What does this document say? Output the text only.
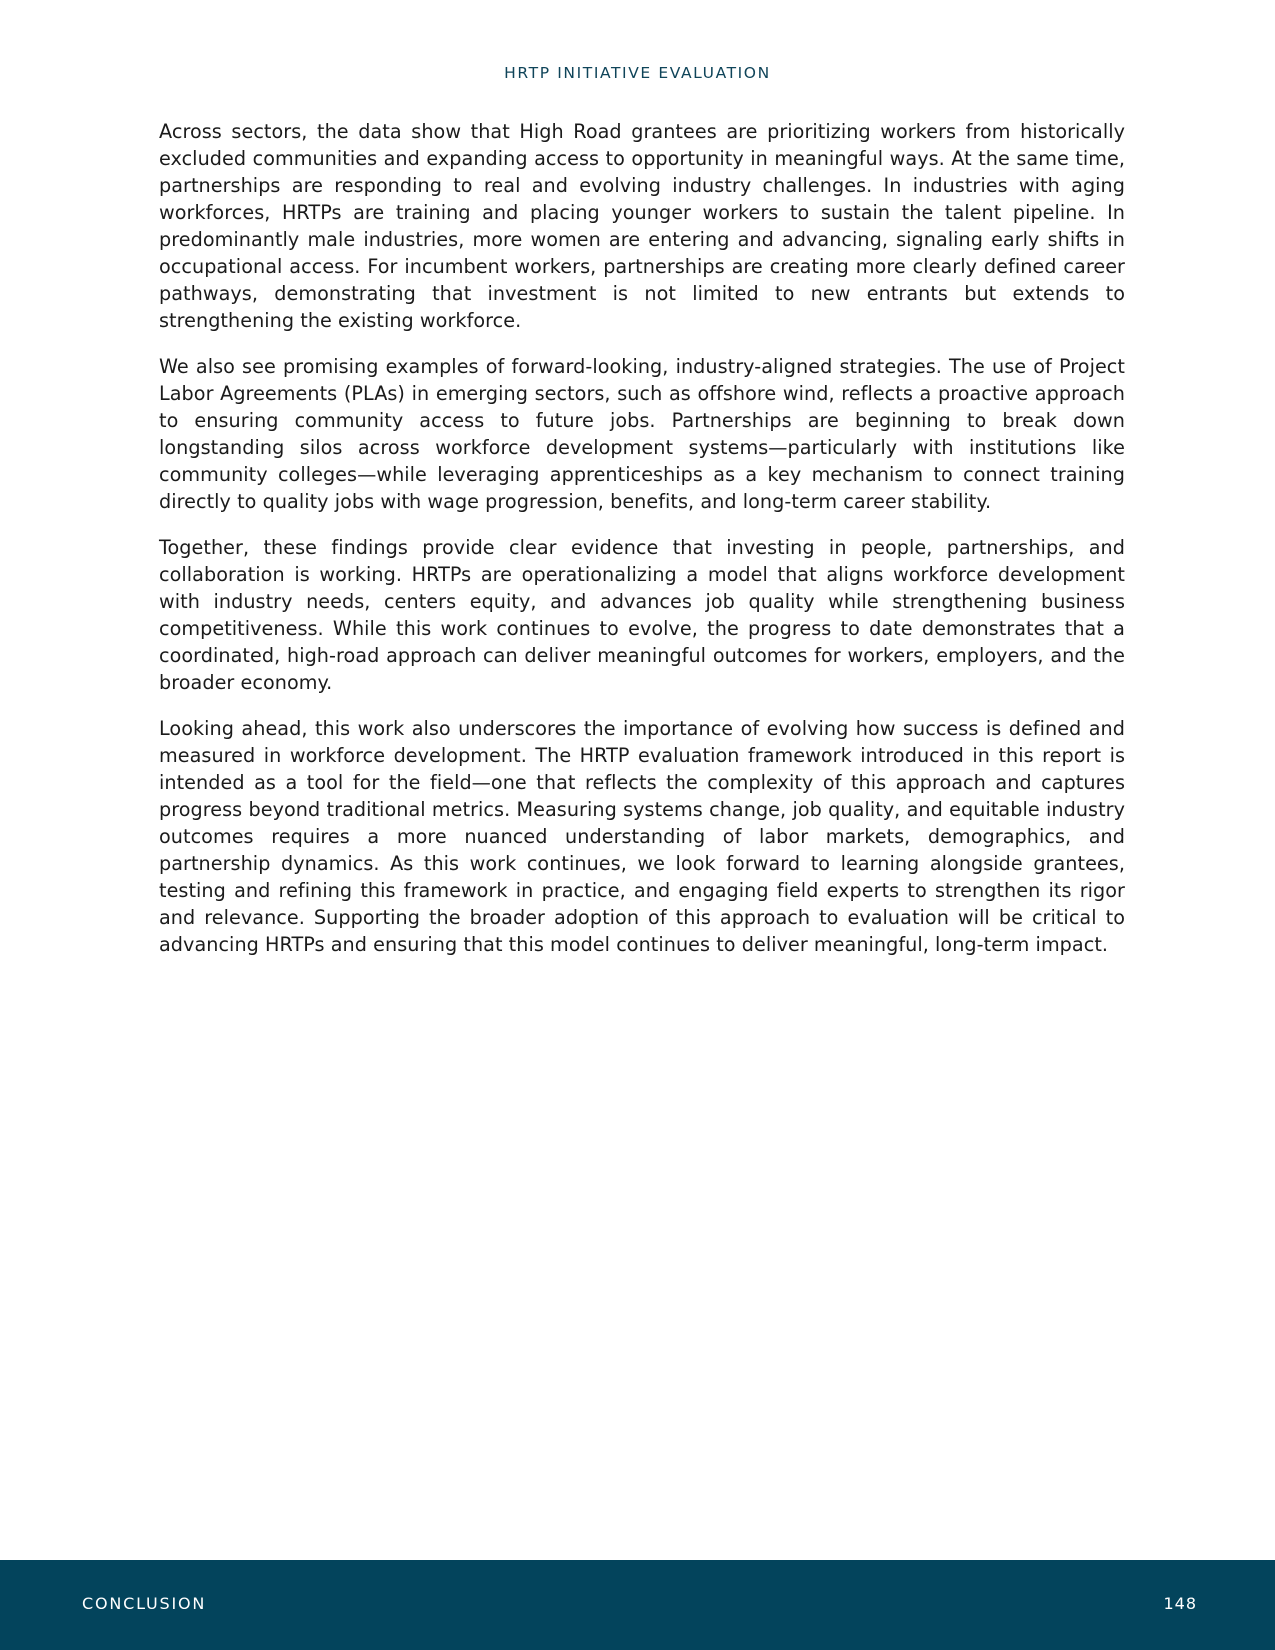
HRTP INITIATIVE EVALUATION

Across sectors, the data show that High Road grantees are prioritizing workers from historically excluded communities and expanding access to opportunity in meaningful ways. At the same time, partnerships are responding to real and evolving industry challenges. In industries with aging workforces, HRTPs are training and placing younger workers to sustain the talent pipeline. In predominantly male industries, more women are entering and advancing, signaling early shifts in occupational access. For incumbent workers, partnerships are creating more clearly defined career pathways, demonstrating that investment is not limited to new entrants but extends to strengthening the existing workforce.

We also see promising examples of forward-looking, industry-aligned strategies. The use of Project Labor Agreements (PLAs) in emerging sectors, such as offshore wind, reflects a proactive approach to ensuring community access to future jobs. Partnerships are beginning to break down longstanding silos across workforce development systems—particularly with institutions like community colleges—while leveraging apprenticeships as a key mechanism to connect training directly to quality jobs with wage progression, benefits, and long-term career stability.

Together, these findings provide clear evidence that investing in people, partnerships, and collaboration is working. HRTPs are operationalizing a model that aligns workforce development with industry needs, centers equity, and advances job quality while strengthening business competitiveness. While this work continues to evolve, the progress to date demonstrates that a coordinated, high-road approach can deliver meaningful outcomes for workers, employers, and the broader economy.

Looking ahead, this work also underscores the importance of evolving how success is defined and measured in workforce development. The HRTP evaluation framework introduced in this report is intended as a tool for the field—one that reflects the complexity of this approach and captures progress beyond traditional metrics. Measuring systems change, job quality, and equitable industry outcomes requires a more nuanced understanding of labor markets, demographics, and partnership dynamics. As this work continues, we look forward to learning alongside grantees, testing and refining this framework in practice, and engaging field experts to strengthen its rigor and relevance. Supporting the broader adoption of this approach to evaluation will be critical to advancing HRTPs and ensuring that this model continues to deliver meaningful, long-term impact.

CONCLUSION	148
